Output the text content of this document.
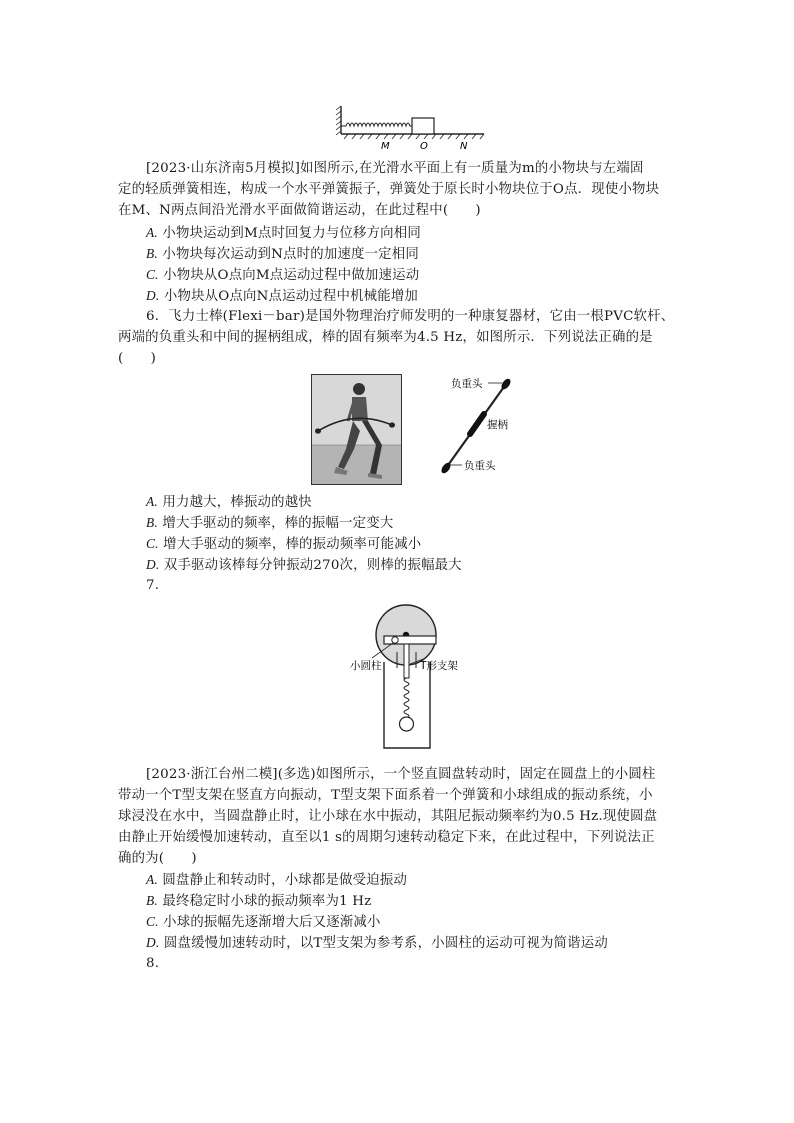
M	O	N
[2023·山东济南5月模拟]如图所示,在光滑水平面上有一质量为m的小物块与左端固
定的轻质弹簧相连，构成一个水平弹簧振子，弹簧处于原长时小物块位于O点．现使小物块
在M、N两点间沿光滑水平面做简谐运动，在此过程中(　　)
A. 小物块运动到M点时回复力与位移方向相同
B. 小物块每次运动到N点时的加速度一定相同
C. 小物块从O点向M点运动过程中做加速运动
D. 小物块从O点向N点运动过程中机械能增加
6．飞力士棒(Flexi－bar)是国外物理治疗师发明的一种康复器材，它由一根PVC软杆、
两端的负重头和中间的握柄组成，棒的固有频率为4.5 Hz，如图所示．下列说法正确的是
(　　)
负重头
握柄
负重头
A. 用力越大，棒振动的越快
B. 增大手驱动的频率，棒的振幅一定变大
C. 增大手驱动的频率，棒的振动频率可能减小
D. 双手驱动该棒每分钟振动270次，则棒的振幅最大
7.
小圆柱	T形支架
[2023·浙江台州二模](多选)如图所示，一个竖直圆盘转动时，固定在圆盘上的小圆柱
带动一个T型支架在竖直方向振动，T型支架下面系着一个弹簧和小球组成的振动系统，小
球浸没在水中，当圆盘静止时，让小球在水中振动，其阻尼振动频率约为0.5 Hz.现使圆盘
由静止开始缓慢加速转动，直至以1 s的周期匀速转动稳定下来，在此过程中，下列说法正
确的为(　　)
A. 圆盘静止和转动时，小球都是做受迫振动
B. 最终稳定时小球的振动频率为1 Hz
C. 小球的振幅先逐渐增大后又逐渐减小
D. 圆盘缓慢加速转动时，以T型支架为参考系，小圆柱的运动可视为简谐运动
8.
